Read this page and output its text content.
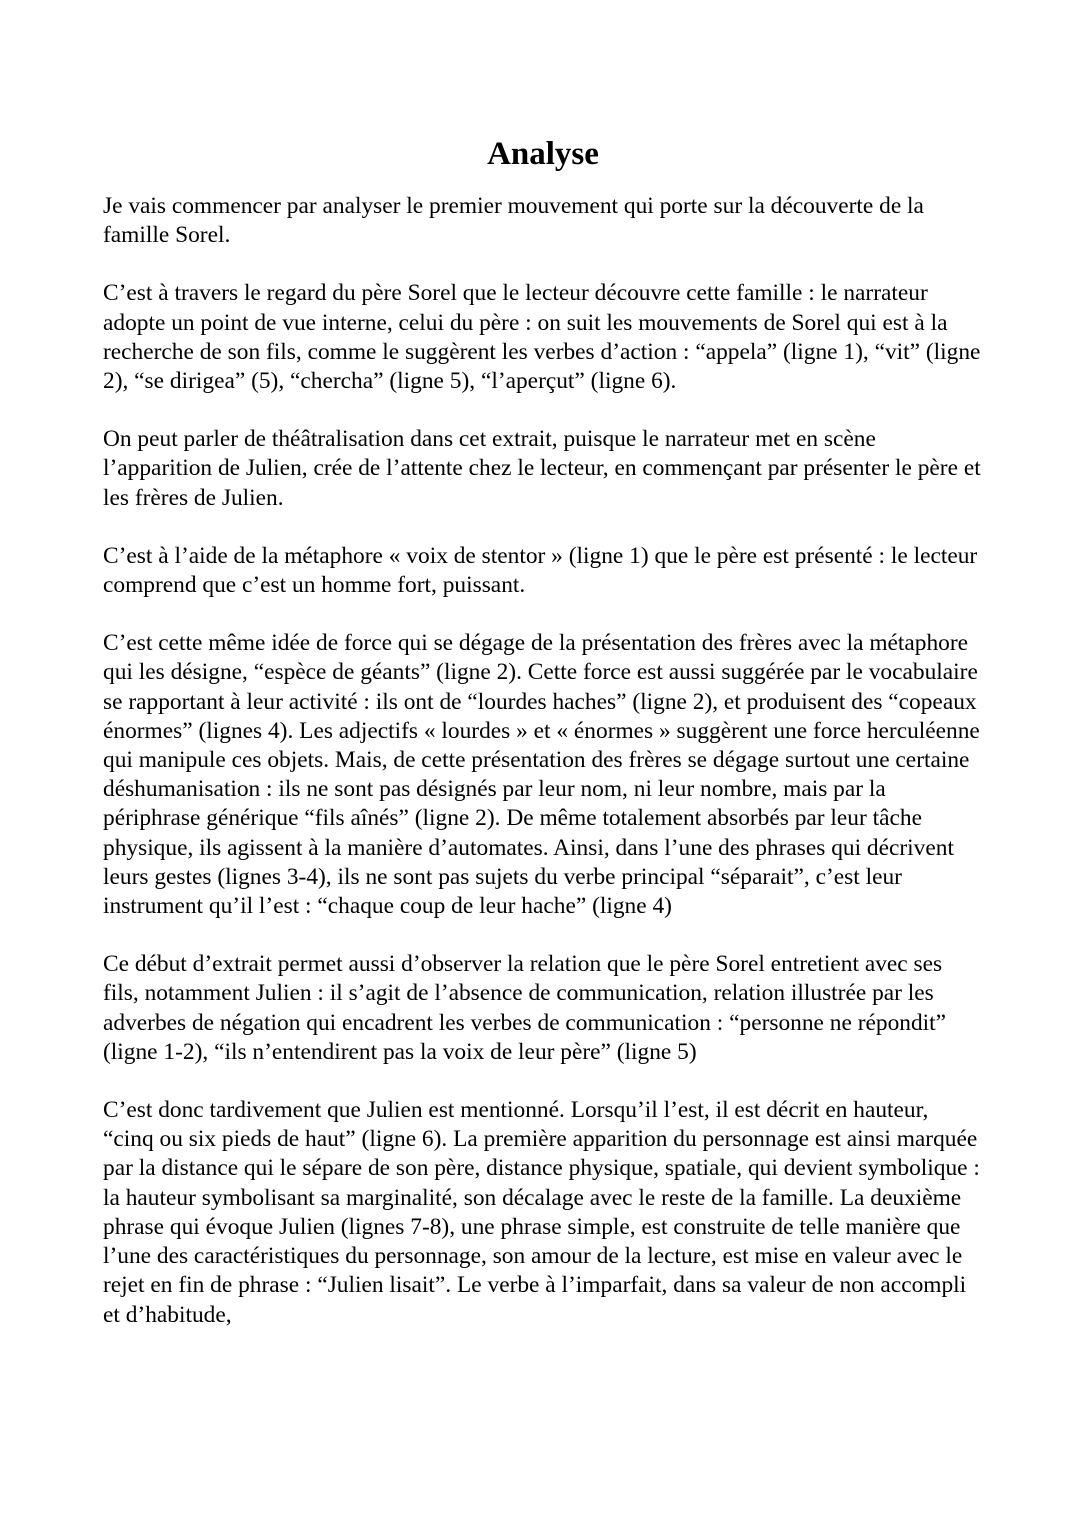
Analyse

Je vais commencer par analyser le premier mouvement qui porte sur la découverte de la famille Sorel.

C’est à travers le regard du père Sorel que le lecteur découvre cette famille : le narrateur adopte un point de vue interne, celui du père : on suit les mouvements de Sorel qui est à la recherche de son fils, comme le suggèrent les verbes d’action : “appela” (ligne 1), “vit” (ligne 2), “se dirigea” (5), “chercha” (ligne 5), “l’aperçut” (ligne 6).

On peut parler de théâtralisation dans cet extrait, puisque le narrateur met en scène l’apparition de Julien, crée de l’attente chez le lecteur, en commençant par présenter le père et les frères de Julien.

C’est à l’aide de la métaphore « voix de stentor » (ligne 1) que le père est présenté : le lecteur comprend que c’est un homme fort, puissant.

C’est cette même idée de force qui se dégage de la présentation des frères avec la métaphore qui les désigne, “espèce de géants” (ligne 2). Cette force est aussi suggérée par le vocabulaire se rapportant à leur activité : ils ont de “lourdes haches” (ligne 2), et produisent des “copeaux énormes” (lignes 4). Les adjectifs « lourdes » et « énormes » suggèrent une force herculéenne qui manipule ces objets. Mais, de cette présentation des frères se dégage surtout une certaine déshumanisation : ils ne sont pas désignés par leur nom, ni leur nombre, mais par la périphrase générique “fils aînés” (ligne 2). De même totalement absorbés par leur tâche physique, ils agissent à la manière d’automates. Ainsi, dans l’une des phrases qui décrivent leurs gestes (lignes 3-4), ils ne sont pas sujets du verbe principal “séparait”, c’est leur instrument qu’il l’est : “chaque coup de leur hache” (ligne 4)

Ce début d’extrait permet aussi d’observer la relation que le père Sorel entretient avec ses fils, notamment Julien : il s’agit de l’absence de communication, relation illustrée par les adverbes de négation qui encadrent les verbes de communication : “personne ne répondit” (ligne 1-2), “ils n’entendirent pas la voix de leur père” (ligne 5)

C’est donc tardivement que Julien est mentionné. Lorsqu’il l’est, il est décrit en hauteur, “cinq ou six pieds de haut” (ligne 6). La première apparition du personnage est ainsi marquée par la distance qui le sépare de son père, distance physique, spatiale, qui devient symbolique : la hauteur symbolisant sa marginalité, son décalage avec le reste de la famille. La deuxième phrase qui évoque Julien (lignes 7-8), une phrase simple, est construite de telle manière que l’une des caractéristiques du personnage, son amour de la lecture, est mise en valeur avec le rejet en fin de phrase : “Julien lisait”. Le verbe à l’imparfait, dans sa valeur de non accompli et d’habitude,
